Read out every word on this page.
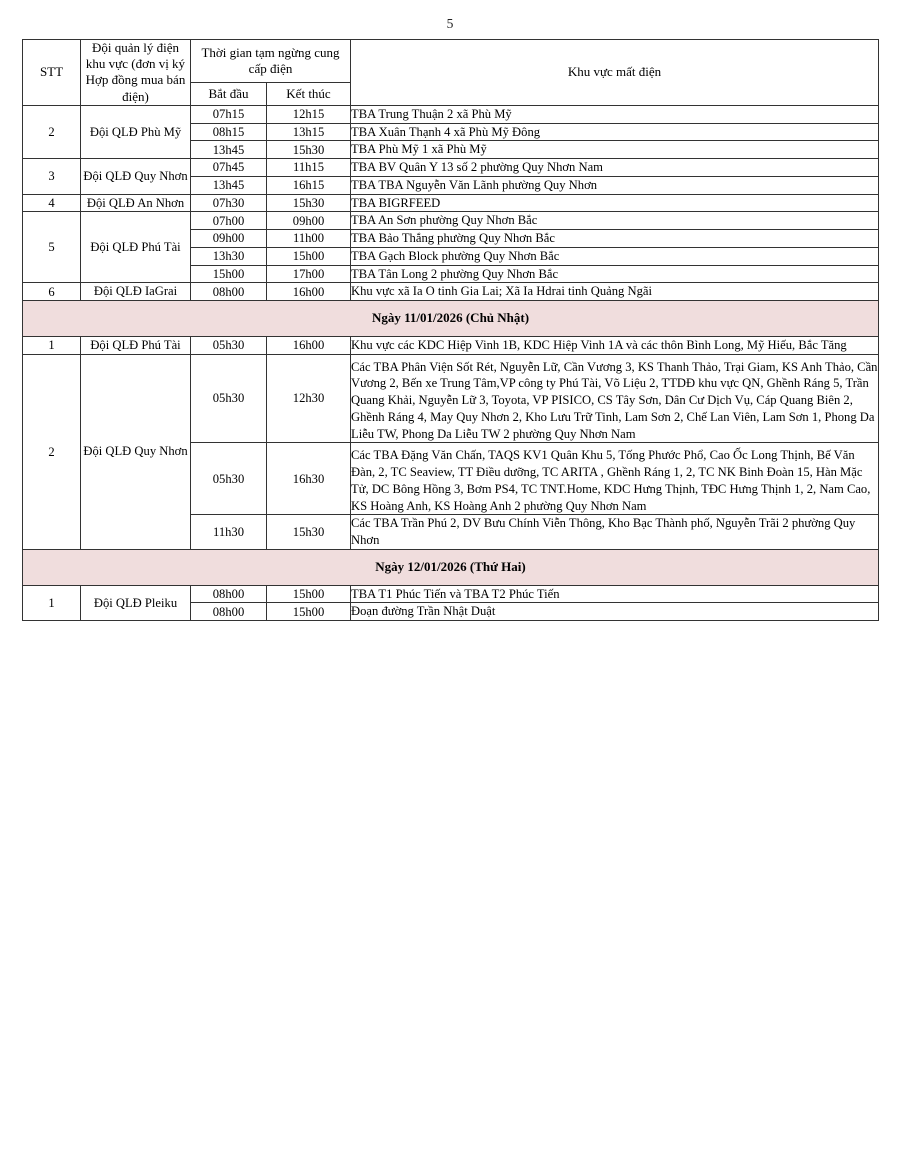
5
STT	Đội quản lý điện khu vực (đơn vị ký Hợp đồng mua bán điện)	Thời gian tạm ngừng cung cấp điện		Khu vực mất điện
		Bắt đầu	Kết thúc	
2	Đội QLĐ Phù Mỹ	07h15	12h15	TBA Trung Thuận 2 xã Phù Mỹ
		08h15	13h15	TBA Xuân Thạnh 4 xã Phù Mỹ Đông
		13h45	15h30	TBA Phù Mỹ 1 xã Phù Mỹ
3	Đội QLĐ Quy Nhơn	07h45	11h15	TBA BV Quân Y 13 số 2 phường Quy Nhơn Nam
		13h45	16h15	TBA TBA Nguyễn Văn Lãnh phường Quy Nhơn
4	Đội QLĐ An Nhơn	07h30	15h30	TBA BIGRFEED
5	Đội QLĐ Phú Tài	07h00	09h00	TBA An Sơn phường Quy Nhơn Bắc
		09h00	11h00	TBA Bảo Thắng phường Quy Nhơn Bắc
		13h30	15h00	TBA Gạch Block phường Quy Nhơn Bắc
		15h00	17h00	TBA Tân Long 2 phường Quy Nhơn Bắc
6	Đội QLĐ IaGrai	08h00	16h00	Khu vực xã Ia O tinh Gia Lai; Xã Ia Hdrai tinh Quảng Ngãi
Ngày 11/01/2026 (Chủ Nhật)				
1	Đội QLĐ Phú Tài	05h30	16h00	Khu vực các KDC Hiệp Vinh 1B, KDC Hiệp Vinh 1A và các thôn Bình Long, Mỹ Hiếu, Bắc Tăng
2	Đội QLĐ Quy Nhơn	05h30	12h30	Các TBA Phân Viện Sốt Rét, Nguyễn Lữ, Cần Vương 3, KS Thanh Thảo, Trại Giam, KS Anh Thảo, Cần Vương 2, Bến xe Trung Tâm,VP công ty Phú Tài, Võ Liệu 2, TTDĐ khu vực QN, Ghềnh Ráng 5, Trần Quang Khải, Nguyễn Lữ 3, Toyota, VP PISICO, CS Tây Sơn, Dân Cư Dịch Vụ, Cáp Quang Biên 2, Ghềnh Ráng 4, May Quy Nhơn 2, Kho Lưu Trữ Tinh, Lam Sơn 2, Chế Lan Viên, Lam Sơn 1, Phong Da Liễu TW, Phong Da Liễu TW 2 phường Quy Nhơn Nam
		05h30	16h30	Các TBA Đặng Văn Chấn, TAQS KV1 Quân Khu 5, Tống Phước Phổ, Cao Ốc Long Thịnh, Bế Văn Đàn, 2, TC Seaview, TT Điều dưỡng, TC ARITA , Ghềnh Ráng 1, 2, TC NK Binh Đoàn 15, Hàn Mặc Tử, DC Bông Hồng 3, Bơm PS4, TC TNT.Home, KDC Hưng Thịnh, TĐC Hưng Thịnh 1, 2, Nam Cao, KS Hoàng Anh, KS Hoàng Anh 2 phường Quy Nhơn Nam
		11h30	15h30	Các TBA Trần Phú 2, DV Bưu Chính Viễn Thông, Kho Bạc Thành phố, Nguyễn Trãi 2 phường Quy Nhơn
Ngày 12/01/2026 (Thứ Hai)				
1	Đội QLĐ Pleiku	08h00	15h00	TBA T1 Phúc Tiến và TBA T2 Phúc Tiến
		08h00	15h00	Đoạn đường Trần Nhật Duật
